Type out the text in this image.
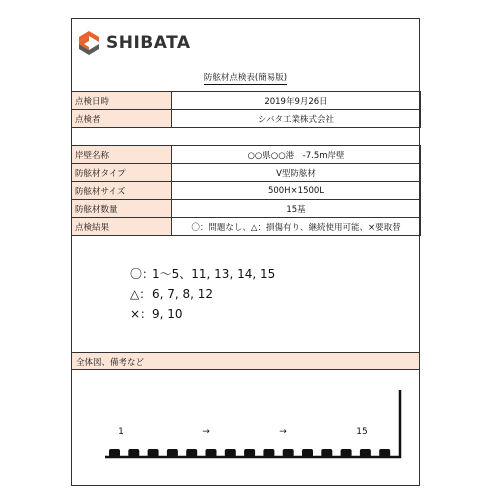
SHIBATA
防舷材点検表(簡易版)
点検日時	2019年9月26日
点検者	シバタ工業株式会社
岸壁名称	○○県○○港　-7.5m岸壁
防舷材タイプ	V型防舷材
防舷材サイズ	500H×1500L
防舷材数量	15基
点検結果	〇：問題なし、△：損傷有り、継続使用可能、×要取替
〇：
1〜5、11, 13, 14, 15
△： 6, 7, 8, 12
×： 9, 10
全体図、備考など
1	→	→	15
